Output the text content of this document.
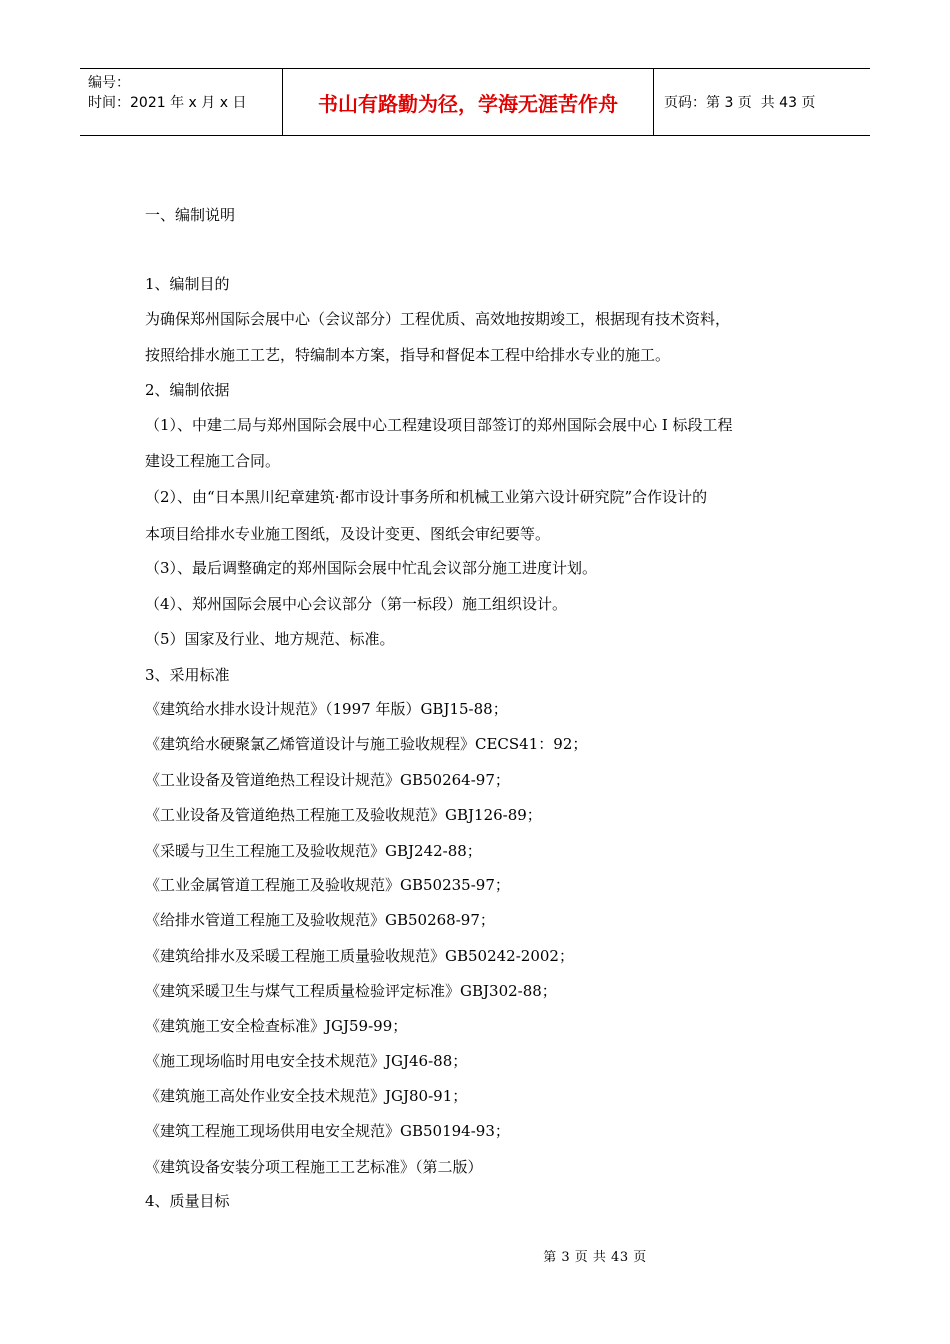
编号：
时间：2021 年 x 月 x 日	书山有路勤为径，学海无涯苦作舟	页码：第 3 页  共 43 页
一、编制说明
1、编制目的
为确保郑州国际会展中心（会议部分）工程优质、高效地按期竣工，根据现有技术资料，
按照给排水施工工艺，特编制本方案，指导和督促本工程中给排水专业的施工。
2、编制依据
（1）、中建二局与郑州国际会展中心工程建设项目部签订的郑州国际会展中心 I 标段工程
建设工程施工合同。
（2）、由“日本黑川纪章建筑·都市设计事务所和机械工业第六设计研究院”合作设计的
本项目给排水专业施工图纸，及设计变更、图纸会审纪要等。
（3）、最后调整确定的郑州国际会展中忙乱会议部分施工进度计划。
（4）、郑州国际会展中心会议部分（第一标段）施工组织设计。
（5）国家及行业、地方规范、标准。
3、采用标准
《建筑给水排水设计规范》（1997 年版）GBJ15-88；
《建筑给水硬聚氯乙烯管道设计与施工验收规程》CECS41：92；
《工业设备及管道绝热工程设计规范》GB50264-97；
《工业设备及管道绝热工程施工及验收规范》GBJ126-89；
《采暖与卫生工程施工及验收规范》GBJ242-88；
《工业金属管道工程施工及验收规范》GB50235-97；
《给排水管道工程施工及验收规范》GB50268-97；
《建筑给排水及采暖工程施工质量验收规范》GB50242-2002；
《建筑采暖卫生与煤气工程质量检验评定标准》GBJ302-88；
《建筑施工安全检查标准》JGJ59-99；
《施工现场临时用电安全技术规范》JGJ46-88；
《建筑施工高处作业安全技术规范》JGJ80-91；
《建筑工程施工现场供用电安全规范》GB50194-93；
《建筑设备安装分项工程施工工艺标准》（第二版）
4、质量目标
第 3 页 共 43 页
